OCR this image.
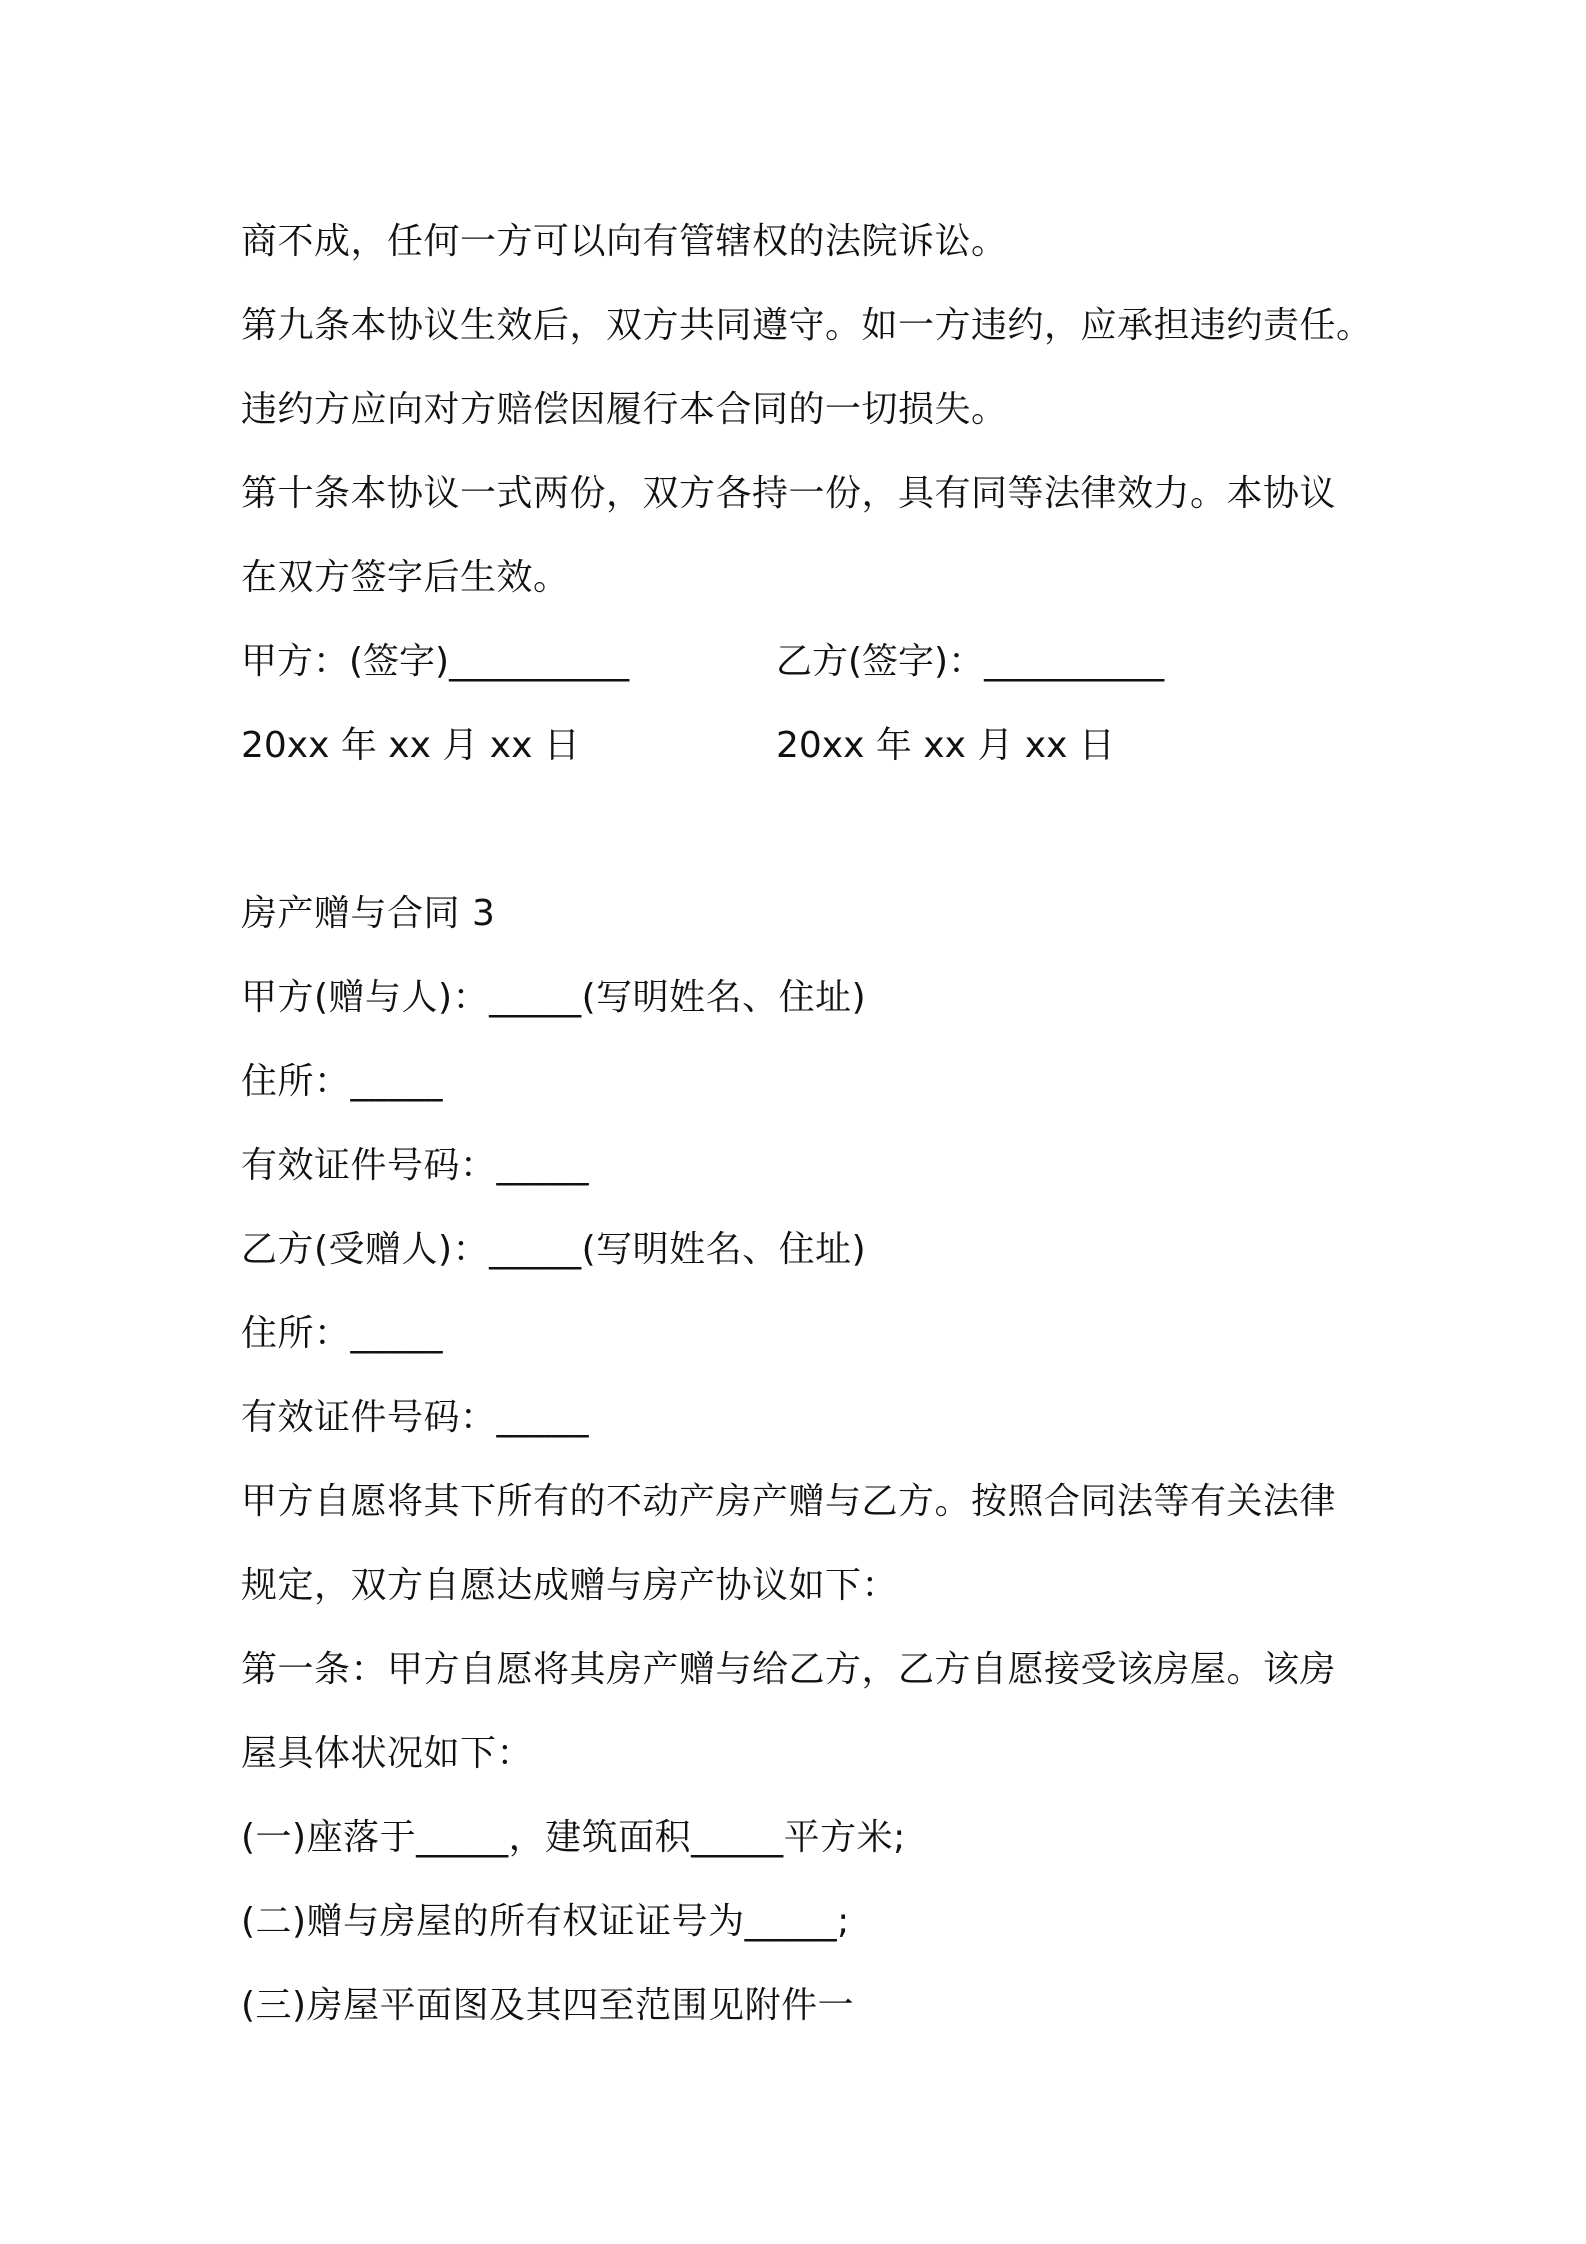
商不成，任何一方可以向有管辖权的法院诉讼。
第九条本协议生效后，双方共同遵守。如一方违约，应承担违约责任。
违约方应向对方赔偿因履行本合同的一切损失。
第十条本协议一式两份，双方各持一份，具有同等法律效力。本协议
在双方签字后生效。
甲方：(签字)__________	乙方(签字)：__________
20xx 年 xx 月 xx 日	20xx 年 xx 月 xx 日
房产赠与合同 3
甲方(赠与人)：_____(写明姓名、住址)
住所：_____
有效证件号码：_____
乙方(受赠人)：_____(写明姓名、住址)
住所：_____
有效证件号码：_____
甲方自愿将其下所有的不动产房产赠与乙方。按照合同法等有关法律
规定，双方自愿达成赠与房产协议如下：
第一条：甲方自愿将其房产赠与给乙方，乙方自愿接受该房屋。该房
屋具体状况如下：
(一)座落于_____，建筑面积_____平方米;
(二)赠与房屋的所有权证证号为_____;
(三)房屋平面图及其四至范围见附件一
